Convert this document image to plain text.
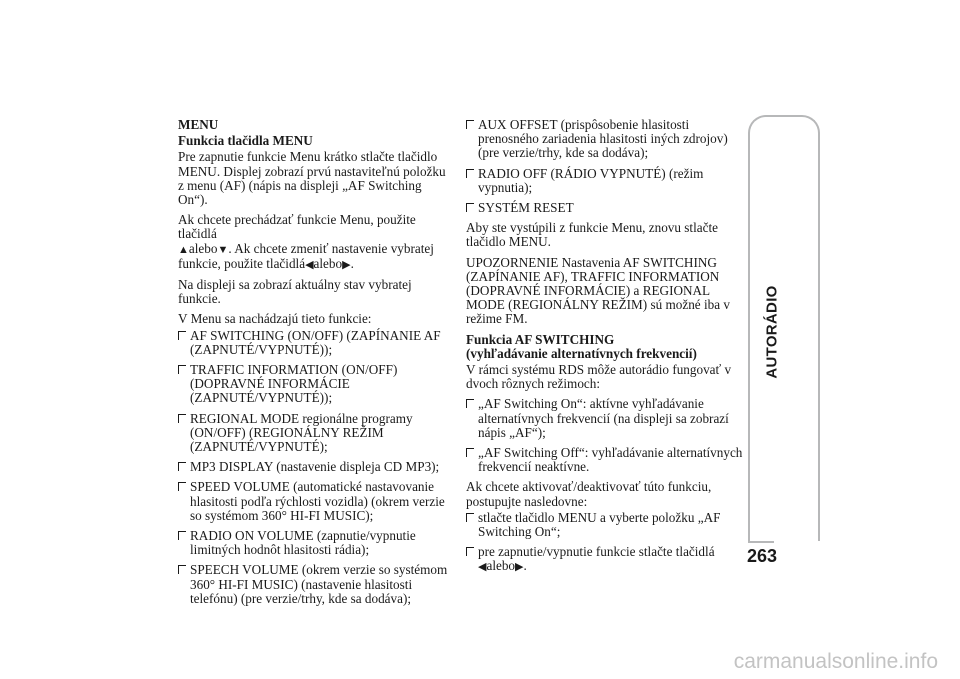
MENU

Funkcia tlačidla MENU

Pre zapnutie funkcie Menu krátko stlačte tlačidlo MENU. Displej zobrazí prvú nastaviteľnú položku z menu (AF) (nápis na displeji „AF Switching On“).

Ak chcete prechádzať funkcie Menu, použite tlačidlá
▲alebo▼. Ak chcete zmeniť nastavenie vybratej funkcie, použite tlačidlá◀alebo▶.

Na displeji sa zobrazí aktuálny stav vybratej funkcie.

V Menu sa nachádzajú tieto funkcie:

AF SWITCHING (ON/OFF) (ZAPÍNANIE AF (ZAPNUTÉ/VYPNUTÉ));
TRAFFIC INFORMATION (ON/OFF) (DOPRAVNÉ INFORMÁCIE (ZAPNUTÉ/VYPNUTÉ));
REGIONAL MODE regionálne programy (ON/OFF) (REGIONÁLNY REŽIM (ZAPNUTÉ/VYPNUTÉ);
MP3 DISPLAY (nastavenie displeja CD MP3);
SPEED VOLUME (automatické nastavovanie hlasitosti podľa rýchlosti vozidla) (okrem verzie so systémom 360° HI-FI MUSIC);
RADIO ON VOLUME (zapnutie/vypnutie limitných hodnôt hlasitosti rádia);
SPEECH VOLUME (okrem verzie so systémom 360° HI-FI MUSIC) (nastavenie hlasitosti telefónu) (pre verzie/trhy, kde sa dodáva);
AUX OFFSET (prispôsobenie hlasitosti prenosného zariadenia hlasitosti iných zdrojov) (pre verzie/trhy, kde sa dodáva);
RADIO OFF (RÁDIO VYPNUTÉ) (režim vypnutia);
SYSTÉM RESET

Aby ste vystúpili z funkcie Menu, znovu stlačte tlačidlo MENU.

UPOZORNENIE Nastavenia AF SWITCHING (ZAPÍNANIE AF), TRAFFIC INFORMATION (DOPRAVNÉ INFORMÁCIE) a REGIONAL MODE (REGIONÁLNY REŽIM) sú možné iba v režime FM.

Funkcia AF SWITCHING
(vyhľadávanie alternatívnych frekvencií)

V rámci systému RDS môže autorádio fungovať v dvoch rôznych režimoch:

„AF Switching On“: aktívne vyhľadávanie alternatívnych frekvencií (na displeji sa zobrazí nápis „AF“);
„AF Switching Off“: vyhľadávanie alternatívnych frekvencií neaktívne.

Ak chcete aktivovať/deaktivovať túto funkciu, postupujte nasledovne:

stlačte tlačidlo MENU a vyberte položku „AF Switching On“;
pre zapnutie/vypnutie funkcie stlačte tlačidlá
◀alebo▶.
AUTORÁDIO
263
carmanualsonline.info
